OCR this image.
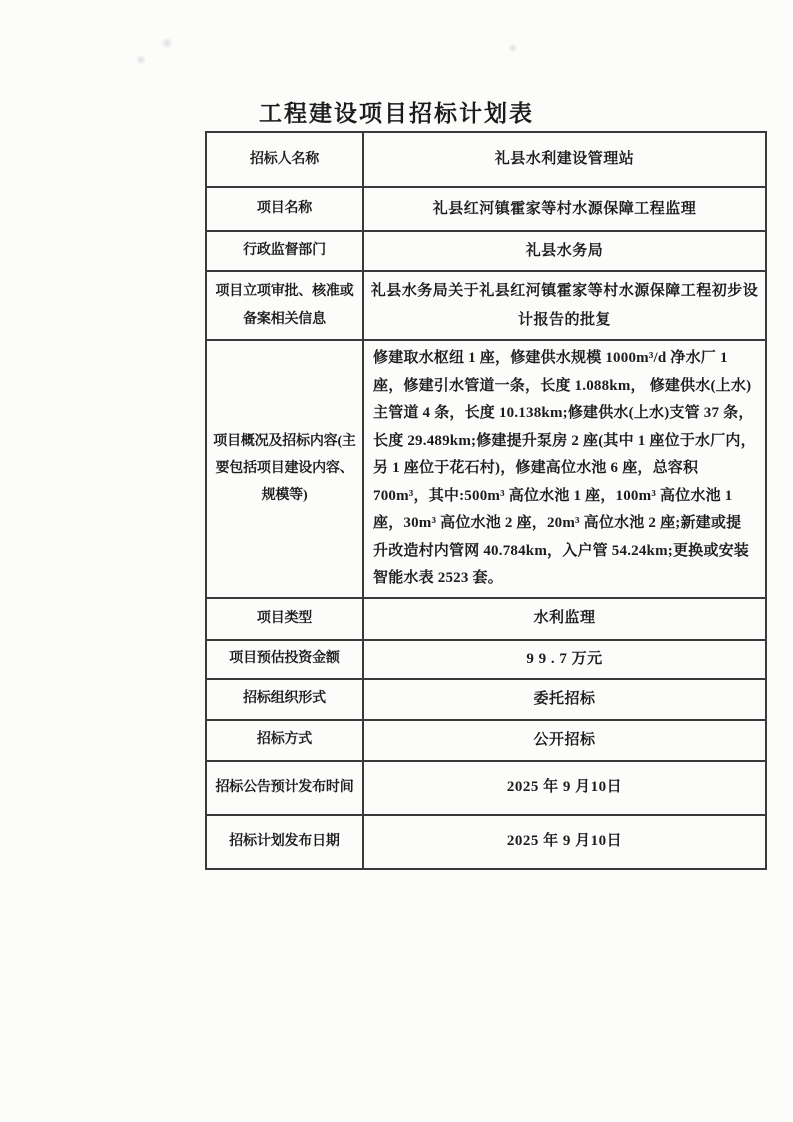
工程建设项目招标计划表
招标人名称	礼县水利建设管理站
项目名称	礼县红河镇霍家等村水源保障工程监理
行政监督部门	礼县水务局
项目立项审批、核准或备案相关信息	礼县水务局关于礼县红河镇霍家等村水源保障工程初步设计报告的批复
项目概况及招标内容(主要包括项目建设内容、规模等)	修建取水枢纽 1 座，修建供水规模 1000m³/d 净水厂 1 座，修建引水管道一条，长度 1.088km， 修建供水(上水)主管道 4 条，长度 10.138km;修建供水(上水)支管 37 条，长度 29.489km;修建提升泵房 2 座(其中 1 座位于水厂内，另 1 座位于花石村)，修建高位水池 6 座，总容积 700m³，其中:500m³ 高位水池 1 座，100m³ 高位水池 1 座，30m³ 高位水池 2 座，20m³ 高位水池 2 座;新建或提升改造村内管网 40.784km，入户管 54.24km;更换或安装智能水表 2523 套。
项目类型	水利监理
项目预估投资金额	9 9 . 7 万元
招标组织形式	委托招标
招标方式	公开招标
招标公告预计发布时间	2025 年 9 月10日
招标计划发布日期	2025 年 9 月10日
